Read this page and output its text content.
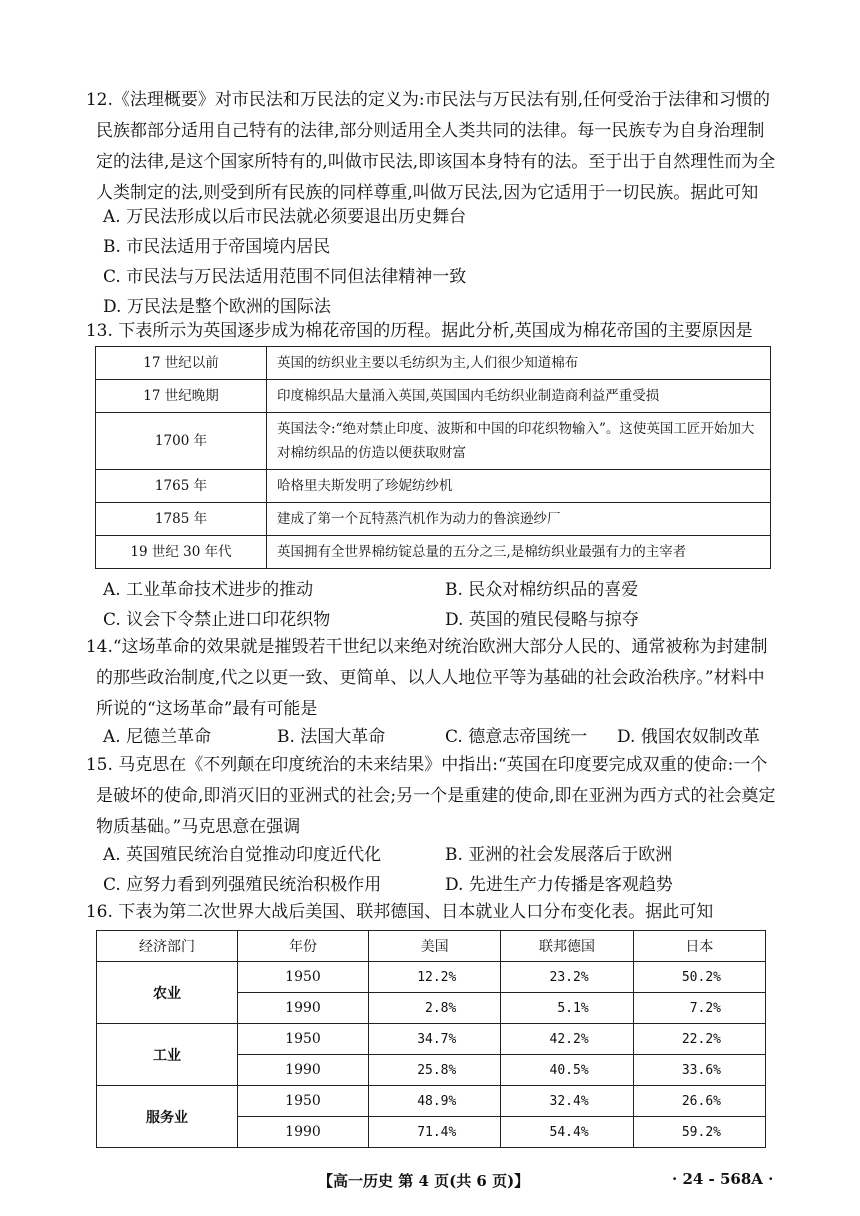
12.《法理概要》对市民法和万民法的定义为:市民法与万民法有别,任何受治于法律和习惯的民族都部分适用自己特有的法律,部分则适用全人类共同的法律。每一民族专为自身治理制定的法律,是这个国家所特有的,叫做市民法,即该国本身特有的法。至于出于自然理性而为全人类制定的法,则受到所有民族的同样尊重,叫做万民法,因为它适用于一切民族。据此可知

A. 万民法形成以后市民法就必须要退出历史舞台
B. 市民法适用于帝国境内居民
C. 市民法与万民法适用范围不同但法律精神一致
D. 万民法是整个欧洲的国际法

13. 下表所示为英国逐步成为棉花帝国的历程。据此分析,英国成为棉花帝国的主要原因是

17 世纪以前	英国的纺织业主要以毛纺织为主,人们很少知道棉布
17 世纪晚期	印度棉织品大量涌入英国,英国国内毛纺织业制造商利益严重受损
1700 年	英国法令:“绝对禁止印度、波斯和中国的印花织物输入”。这使英国工匠开始加大对棉纺织品的仿造以便获取财富
1765 年	哈格里夫斯发明了珍妮纺纱机
1785 年	建成了第一个瓦特蒸汽机作为动力的鲁滨逊纱厂
19 世纪 30 年代	英国拥有全世界棉纺锭总量的五分之三,是棉纺织业最强有力的主宰者
A. 工业革命技术进步的推动	B. 民众对棉纺织品的喜爱
C. 议会下令禁止进口印花织物	D. 英国的殖民侵略与掠夺

14.“这场革命的效果就是摧毁若干世纪以来绝对统治欧洲大部分人民的、通常被称为封建制的那些政治制度,代之以更一致、更简单、以人人地位平等为基础的社会政治秩序。”材料中所说的“这场革命”最有可能是

A. 尼德兰革命	B. 法国大革命	C. 德意志帝国统一 D. 俄国农奴制改革

15. 马克思在《不列颠在印度统治的未来结果》中指出:“英国在印度要完成双重的使命:一个是破坏的使命,即消灭旧的亚洲式的社会;另一个是重建的使命,即在亚洲为西方式的社会奠定物质基础。”马克思意在强调

A. 英国殖民统治自觉推动印度近代化	B. 亚洲的社会发展落后于欧洲
C. 应努力看到列强殖民统治积极作用	D. 先进生产力传播是客观趋势

16. 下表为第二次世界大战后美国、联邦德国、日本就业人口分布变化表。据此可知

经济部门	年份	美国	联邦德国	日本
农业	1950	12.2%	23.2%	50.2%
	1990	2.8%	5.1%	7.2%
工业	1950	34.7%	42.2%	22.2%
	1990	25.8%	40.5%	33.6%
服务业	1950	48.9%	32.4%	26.6%
	1990	71.4%	54.4%	59.2%
【高一历史 第 4 页(共 6 页)】	· 24 - 568A ·
